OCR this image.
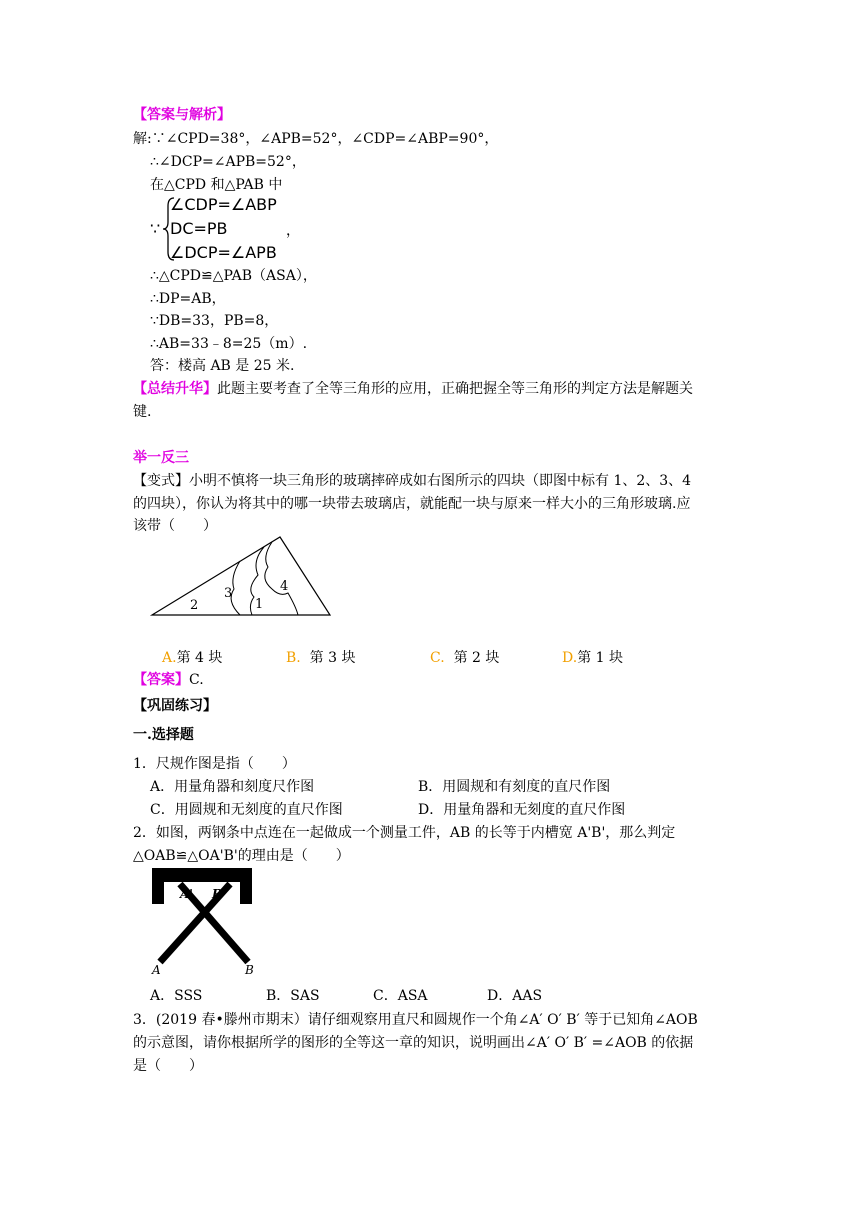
【答案与解析】
解:∵∠CPD=38°，∠APB=52°，∠CDP=∠ABP=90°，
∴∠DCP=∠APB=52°，
在△CPD 和△PAB 中
∵
∠CDP=∠ABP
DC=PB	，
∠DCP=∠APB
∴△CPD≌△PAB（ASA），
∴DP=AB，
∵DB=33，PB=8，
∴AB=33﹣8=25（m）.
答：楼高 AB 是 25 米.
【总结升华】此题主要考查了全等三角形的应用，正确把握全等三角形的判定方法是解题关
键.
举一反三
【变式】小明不慎将一块三角形的玻璃摔碎成如右图所示的四块（即图中标有 1、2、3、4
的四块），你认为将其中的哪一块带去玻璃店，就能配一块与原来一样大小的三角形玻璃.应
该带（　　）
2
3
1
4
A.第 4 块	B. 第 3 块	C. 第 2 块	D.第 1 块
【答案】C.
【巩固练习】
一.选择题
1．尺规作图是指（　　）
A．用量角器和刻度尺作图	B．用圆规和有刻度的直尺作图
C．用圆规和无刻度的直尺作图	D．用量角器和无刻度的直尺作图
2．如图，两钢条中点连在一起做成一个测量工件，AB 的长等于内槽宽 A'B'，那么判定
△OAB≌△OA'B'的理由是（　　）
A' B'
A	B
A．SSS	B．SAS	C．ASA	D．AAS
3．(2019 春•滕州市期末）请仔细观察用直尺和圆规作一个角∠A′ O′ B′ 等于已知角∠AOB
的示意图，请你根据所学的图形的全等这一章的知识，说明画出∠A′ O′ B′ =∠AOB 的依据
是（　　）
